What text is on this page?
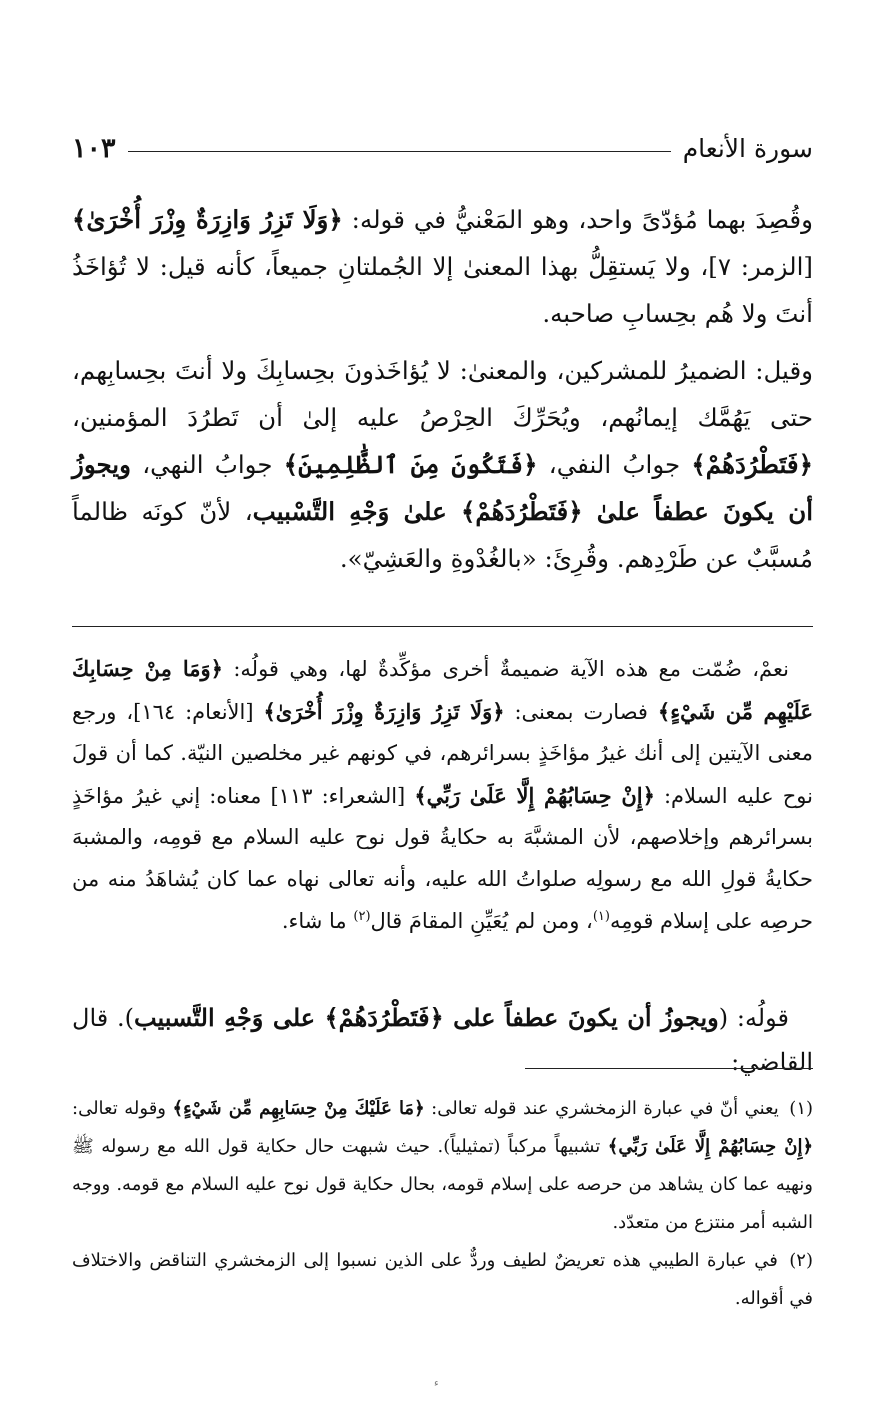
سورة الأنعام
١٠٣

وقُصِدَ بهما مُؤدّىً واحد، وهو المَعْنيُّ في قوله: ﴿وَلَا تَزِرُ وَازِرَةٌ وِزْرَ أُخْرَىٰ﴾ [الزمر: ٧]، ولا يَستقِلُّ بهذا المعنىٰ إلا الجُملتانِ جميعاً، كأنه قيل: لا تُؤاخَذُ أنتَ ولا هُم بحِسابِ صاحبه.

وقيل: الضميرُ للمشركين، والمعنىٰ: لا يُؤاخَذونَ بحِسابِكَ ولا أنتَ بحِسابِهم، حتى يَهُمَّك إيمانُهم، ويُحَرِّكَ الحِرْصُ عليه إلىٰ أن تَطرُدَ المؤمنين، ﴿فَتَطْرُدَهُمْ﴾ جوابُ النفي، ﴿فَتَكُونَ مِنَ ٱلظَّٰلِمِينَ﴾ جوابُ النهي، ويجوزُ أن يكونَ عطفاً علىٰ ﴿فَتَطْرُدَهُمْ﴾ علىٰ وَجْهِ التَّسْبيب، لأنّ كونَه ظالماً مُسبَّبٌ عن طَرْدِهم. وقُرِئَ: «بالغُدْوةِ والعَشِيّ».

نعمْ، ضُمّت مع هذه الآية ضميمةٌ أخرى مؤكِّدةٌ لها، وهي قولُه: ﴿وَمَا مِنْ حِسَابِكَ عَلَيْهِم مِّن شَيْءٍ﴾ فصارت بمعنى: ﴿وَلَا تَزِرُ وَازِرَةٌ وِزْرَ أُخْرَىٰ﴾ [الأنعام: ١٦٤]، ورجع معنى الآيتين إلى أنك غيرُ مؤاخَذٍ بسرائرهم، في كونهم غير مخلصين النيّة. كما أن قولَ نوح عليه السلام: ﴿إِنْ حِسَابُهُمْ إِلَّا عَلَىٰ رَبِّي﴾ [الشعراء: ١١٣] معناه: إني غيرُ مؤاخَذٍ بسرائرهم وإخلاصهم، لأن المشبَّهَ به حكايةُ قول نوح عليه السلام مع قومِه، والمشبهَ حكايةُ قولِ الله مع رسولِه صلواتُ الله عليه، وأنه تعالى نهاه عما كان يُشاهَدُ منه من حرصِه على إسلام قومِه$^{(١)}$، ومن لم يُعَيِّنِ المقامَ قال$^{(٢)}$ ما شاء.

قولُه: (ويجوزُ أن يكونَ عطفاً على ﴿فَتَطْرُدَهُمْ﴾ على وَجْهِ التَّسبيب). قال القاضي:

(١) يعني أنّ في عبارة الزمخشري عند قوله تعالى: ﴿مَا عَلَيْكَ مِنْ حِسَابِهِم مِّن شَيْءٍ﴾ وقوله تعالى: ﴿إِنْ حِسَابُهُمْ إِلَّا عَلَىٰ رَبِّي﴾ تشبيهاً مركباً (تمثيلياً). حيث شبهت حال حكاية قول الله مع رسوله ﷺ ونهيه عما كان يشاهد من حرصه على إسلام قومه، بحال حكاية قول نوح عليه السلام مع قومه. ووجه الشبه أمر منتزع من متعدّد.

(٢) في عبارة الطيبي هذه تعريضٌ لطيف وردٌّ على الذين نسبوا إلى الزمخشري التناقض والاختلاف في أقواله.

ء
